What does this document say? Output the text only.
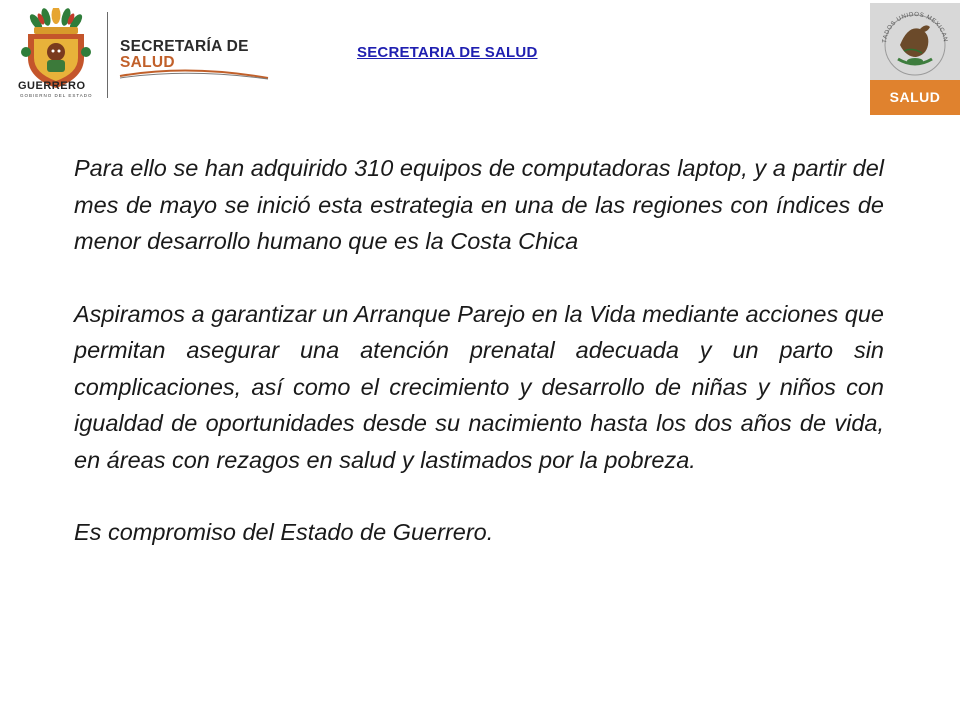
GUERRERO
GOBIERNO DEL ESTADO
SECRETARÍA DE
SALUD
SECRETARIA DE SALUD
TADOS UNIDOS MEXICAN
SALUD

Para ello se han adquirido 310 equipos de computadoras laptop, y a partir del mes de mayo se inició esta estrategia en una de las regiones con índices de menor desarrollo humano que es la Costa Chica

Aspiramos a garantizar un Arranque Parejo en la Vida mediante acciones que permitan asegurar una atención prenatal adecuada y un parto sin complicaciones, así como el crecimiento y desarrollo de niñas y niños con igualdad de oportunidades desde su nacimiento hasta los dos años de vida, en áreas con rezagos en salud y lastimados por la pobreza.

Es compromiso del Estado de Guerrero.
